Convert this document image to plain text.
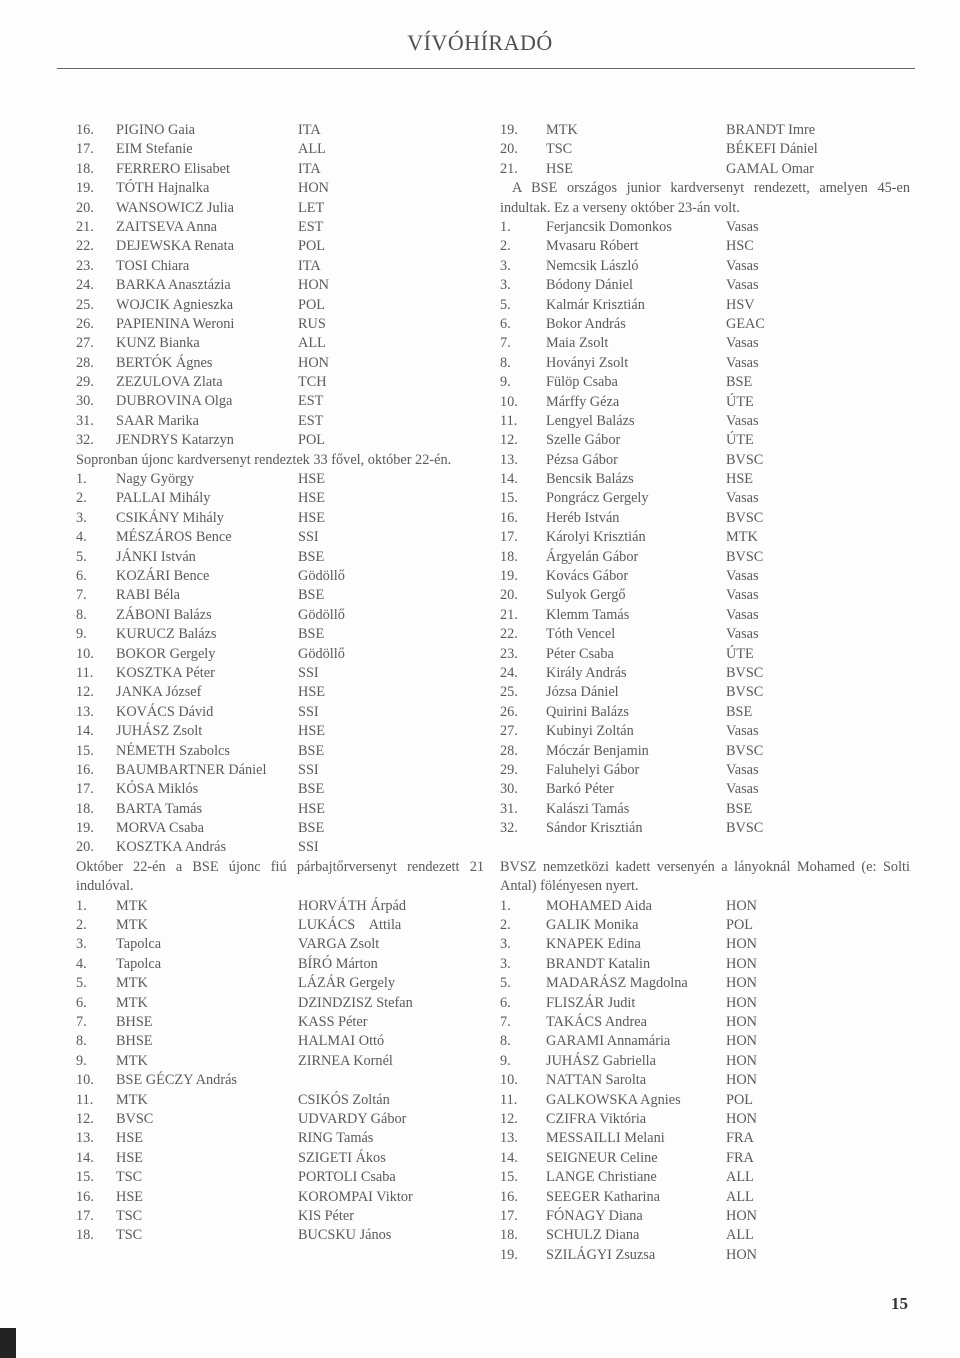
VÍVÓHÍRADÓ
16. PIGINO Gaia	ITA
17. EIM Stefanie	ALL
18. FERRERO Elisabet	ITA
19. TÓTH Hajnalka	HON
20. WANSOWICZ Julia	LET
21. ZAITSEVA Anna	EST
22. DEJEWSKA Renata	POL
23. TOSI Chiara	ITA
24. BARKA Anasztázia	HON
25. WOJCIK Agnieszka	POL
26. PAPIENINA Weroni	RUS
27. KUNZ Bianka	ALL
28. BERTÓK Ágnes	HON
29. ZEZULOVA Zlata	TCH
30. DUBROVINA Olga	EST
31. SAAR Marika	EST
32. JENDRYS Katarzyn	POL
Sopronban újonc kardversenyt rendeztek 33 fővel, október 22-én.
1. Nagy György	HSE
2. PALLAI Mihály	HSE
3. CSIKÁNY Mihály	HSE
4. MÉSZÁROS Bence	SSI
5. JÁNKI István	BSE
6. KOZÁRI Bence	Gödöllő
7. RABI Béla	BSE
8. ZÁBONI Balázs	Gödöllő
9. KURUCZ Balázs	BSE
10. BOKOR Gergely	Gödöllő
11. KOSZTKA Péter	SSI
12. JANKA József	HSE
13. KOVÁCS Dávid	SSI
14. JUHÁSZ Zsolt	HSE
15. NÉMETH Szabolcs	BSE
16. BAUMBARTNER Dániel SSI
17. KÓSA Miklós	BSE
18. BARTA Tamás	HSE
19. MORVA Csaba	BSE
20. KOSZTKA András	SSI
Október 22-én a BSE újonc fiú párbajtőrversenyt rendezett 21 indulóval.
1. MTK	HORVÁTH Árpád
2. MTK	LUKÁCS    Attila
3. Tapolca	VARGA Zsolt
4. Tapolca	BÍRÓ Márton
5. MTK	LÁZÁR Gergely
6. MTK	DZINDZISZ Stefan
7. BHSE	KASS Péter
8. BHSE	HALMAI Ottó
9. MTK	ZIRNEA Kornél
10. BSE GÉCZY András
11. MTK	CSIKÓS Zoltán
12. BVSC	UDVARDY Gábor
13. HSE	RING Tamás
14. HSE	SZIGETI Ákos
15. TSC	PORTOLI Csaba
16. HSE	KOROMPAI Viktor
17. TSC	KIS Péter
18. TSC	BUCSKU János
19. MTK	BRANDT Imre
20. TSC	BÉKEFI Dániel
21. HSE	GAMAL Omar
A BSE országos junior kardversenyt rendezett, amelyen 45-en indultak. Ez a verseny október 23-án volt.
1. Ferjancsik Domonkos	Vasas
2. Mvasaru Róbert	HSC
3. Nemcsik László	Vasas
3. Bódony Dániel	Vasas
5. Kalmár Krisztián	HSV
6. Bokor András	GEAC
7. Maia Zsolt	Vasas
8. Hoványi Zsolt	Vasas
9. Fülöp Csaba	BSE
10. Márffy Géza	ÚTE
11. Lengyel Balázs	Vasas
12. Szelle Gábor	ÚTE
13. Pézsa Gábor	BVSC
14. Bencsik Balázs	HSE
15. Pongrácz Gergely	Vasas
16. Heréb István	BVSC
17. Károlyi Krisztián	MTK
18. Árgyelán Gábor	BVSC
19. Kovács Gábor	Vasas
20. Sulyok Gergő	Vasas
21. Klemm Tamás	Vasas
22. Tóth Vencel	Vasas
23. Péter Csaba	ÚTE
24. Király András	BVSC
25. Józsa Dániel	BVSC
26. Quirini Balázs	BSE
27. Kubinyi Zoltán	Vasas
28. Móczár Benjamin	BVSC
29. Faluhelyi Gábor	Vasas
30. Barkó Péter	Vasas
31. Kalászi Tamás	BSE
32. Sándor Krisztián	BVSC
BVSZ nemzetközi kadett versenyén a lányoknál Mohamed (e: Solti Antal) fölényesen nyert.
1. MOHAMED Aida	HON
2. GALIK Monika	POL
3. KNAPEK Edina	HON
3. BRANDT Katalin	HON
5. MADARÁSZ Magdolna	HON
6. FLISZÁR Judit	HON
7. TAKÁCS Andrea	HON
8. GARAMI Annamária	HON
9. JUHÁSZ Gabriella	HON
10. NATTAN Sarolta	HON
11. GALKOWSKA Agnies	POL
12. CZIFRA Viktória	HON
13. MESSAILLI Melani	FRA
14. SEIGNEUR Celine	FRA
15. LANGE Christiane	ALL
16. SEEGER Katharina	ALL
17. FÓNAGY Diana	HON
18. SCHULZ Diana	ALL
19. SZILÁGYI Zsuzsa	HON
15
